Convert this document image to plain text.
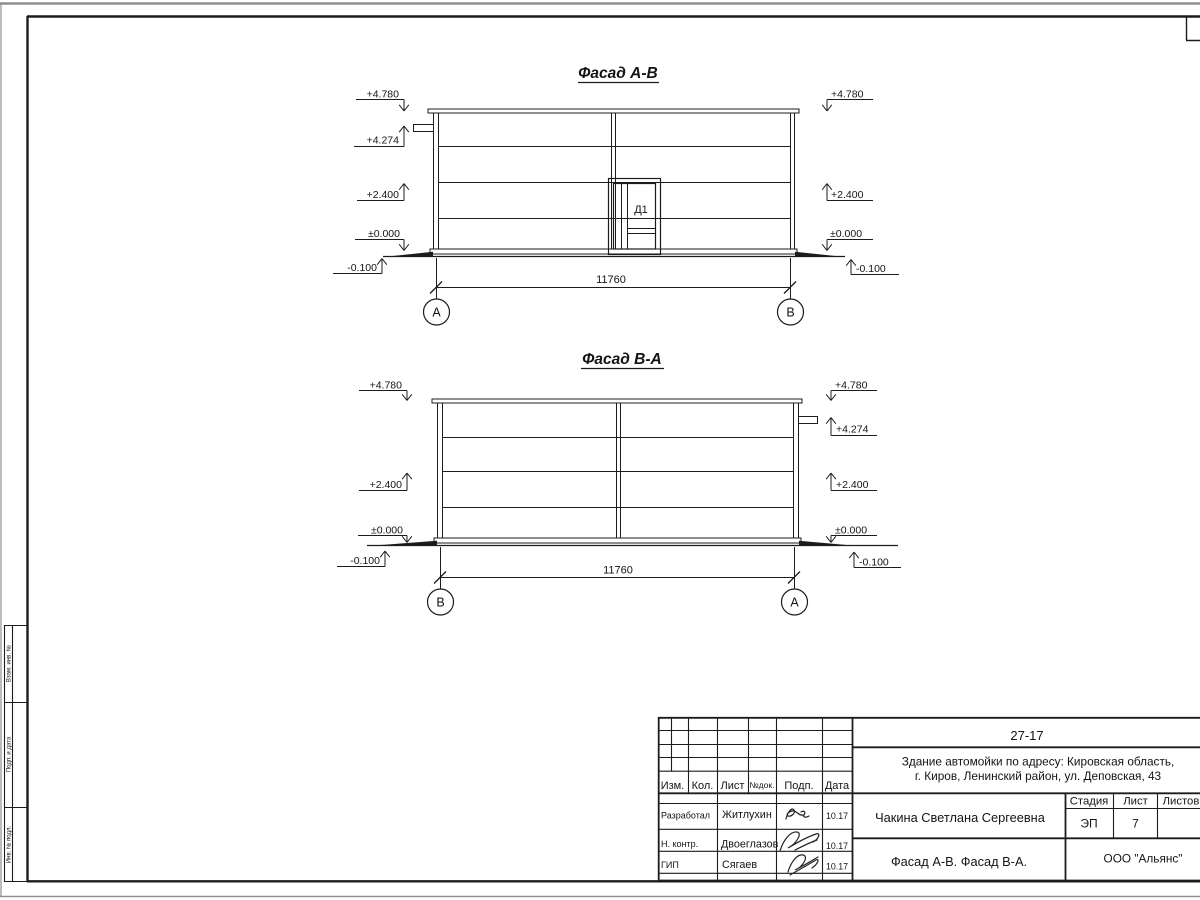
Взам. инв. №
Подп. и дата
Инв. № подл.
Фасад А-В
Д1
+4.780
+4.274
+2.400
±0.000
-0.100
+4.780
+2.400
±0.000
-0.100
11760
А	В
Фасад В-А
+4.780
+2.400
±0.000
-0.100
+4.780
+4.274
+2.400
±0.000
-0.100
11760
В	А
27-17
Здание автомойки по адресу: Кировская область,
г. Киров, Ленинский район, ул. Деповская, 43
Изм. Кол. Лист №док. Подп. Дата
Разработал Житлухин	10.17
Н. контр. Двоеглазов	10.17
ГИП	Сягаев	10.17
Чакина Светлана Сергеевна
Стадия Лист Листов
ЭП	7
Фасад А-В. Фасад В-А.	ООО "Альянс"
